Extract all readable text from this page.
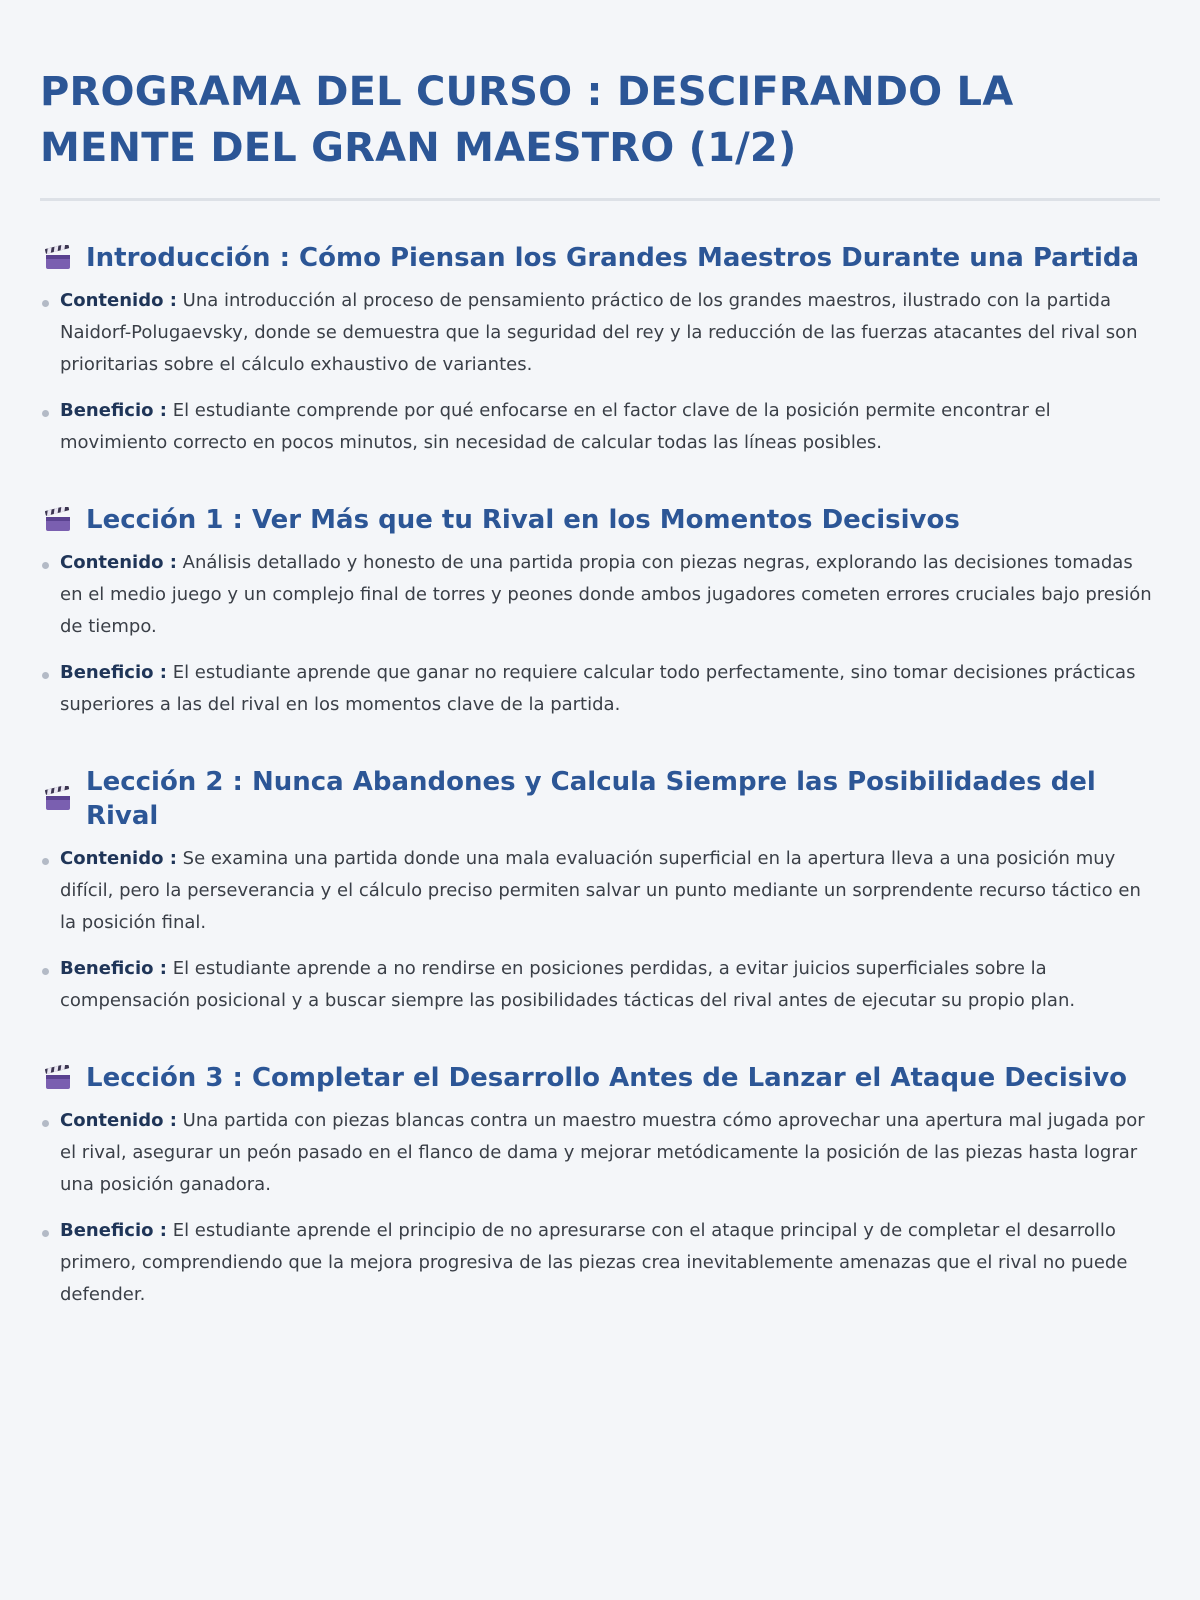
PROGRAMA DEL CURSO : DESCIFRANDO LA MENTE DEL GRAN MAESTRO (1/2)
Introducción : Cómo Piensan los Grandes Maestros Durante una Partida
Contenido : Una introducción al proceso de pensamiento práctico de los grandes maestros, ilustrado con la partida Naidorf-Polugaevsky, donde se demuestra que la seguridad del rey y la reducción de las fuerzas atacantes del rival son prioritarias sobre el cálculo exhaustivo de variantes.
Beneficio : El estudiante comprende por qué enfocarse en el factor clave de la posición permite encontrar el movimiento correcto en pocos minutos, sin necesidad de calcular todas las líneas posibles.
Lección 1 : Ver Más que tu Rival en los Momentos Decisivos
Contenido : Análisis detallado y honesto de una partida propia con piezas negras, explorando las decisiones tomadas en el medio juego y un complejo final de torres y peones donde ambos jugadores cometen errores cruciales bajo presión de tiempo.
Beneficio : El estudiante aprende que ganar no requiere calcular todo perfectamente, sino tomar decisiones prácticas superiores a las del rival en los momentos clave de la partida.
Lección 2 : Nunca Abandones y Calcula Siempre las Posibilidades del Rival
Contenido : Se examina una partida donde una mala evaluación superficial en la apertura lleva a una posición muy difícil, pero la perseverancia y el cálculo preciso permiten salvar un punto mediante un sorprendente recurso táctico en la posición final.
Beneficio : El estudiante aprende a no rendirse en posiciones perdidas, a evitar juicios superficiales sobre la compensación posicional y a buscar siempre las posibilidades tácticas del rival antes de ejecutar su propio plan.
Lección 3 : Completar el Desarrollo Antes de Lanzar el Ataque Decisivo
Contenido : Una partida con piezas blancas contra un maestro muestra cómo aprovechar una apertura mal jugada por el rival, asegurar un peón pasado en el flanco de dama y mejorar metódicamente la posición de las piezas hasta lograr una posición ganadora.
Beneficio : El estudiante aprende el principio de no apresurarse con el ataque principal y de completar el desarrollo primero, comprendiendo que la mejora progresiva de las piezas crea inevitablemente amenazas que el rival no puede defender.
